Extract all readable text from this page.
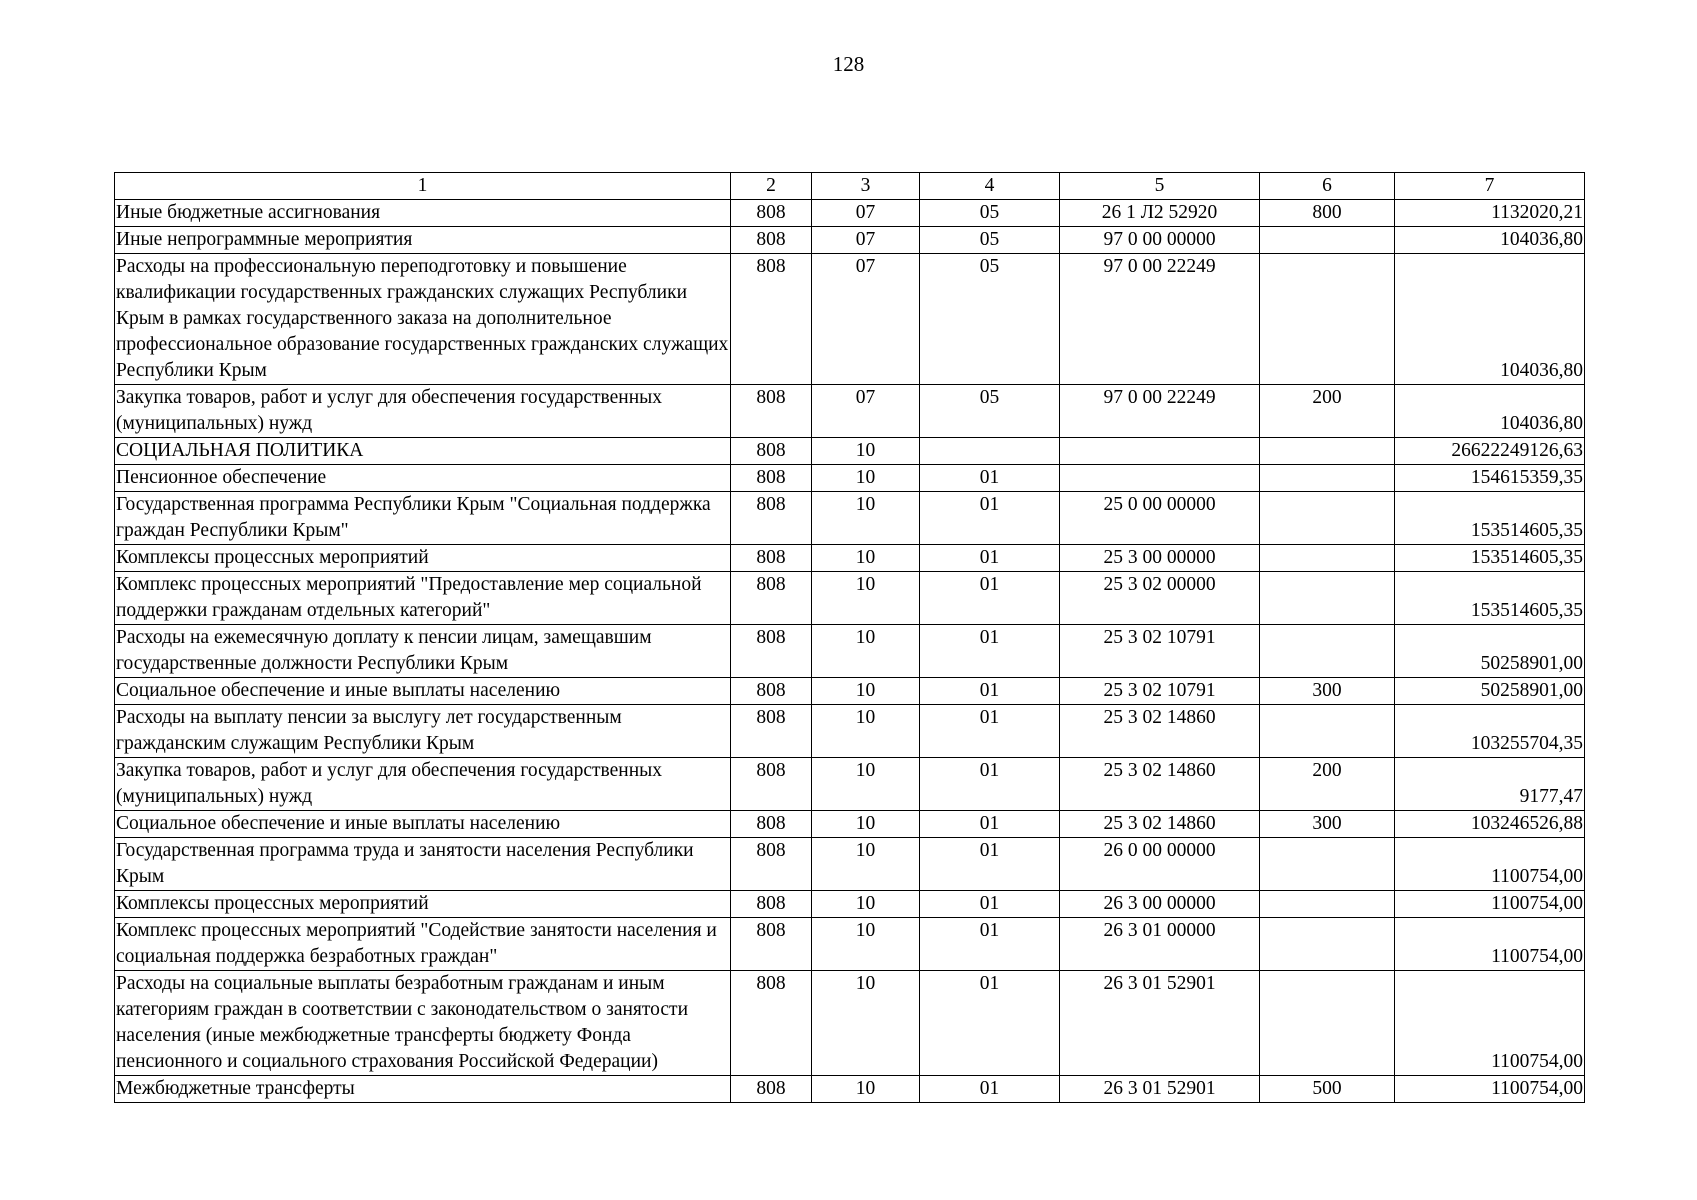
128
1	2	3	4	5	6	7
Иные бюджетные ассигнования	808	07	05	26 1 Л2 52920	800	1132020,21
Иные непрограммные мероприятия	808	07	05	97 0 00 00000		104036,80
Расходы на профессиональную переподготовку и повышение квалификации государственных гражданских служащих Республики Крым в рамках государственного заказа на дополнительное профессиональное образование государственных гражданских служащих Республики Крым	808	07	05	97 0 00 22249		104036,80
Закупка товаров, работ и услуг для обеспечения государственных (муниципальных) нужд	808	07	05	97 0 00 22249	200	104036,80
СОЦИАЛЬНАЯ ПОЛИТИКА	808	10				26622249126,63
Пенсионное обеспечение	808	10	01			154615359,35
Государственная программа Республики Крым "Социальная поддержка граждан Республики Крым"	808	10	01	25 0 00 00000		153514605,35
Комплексы процессных мероприятий	808	10	01	25 3 00 00000		153514605,35
Комплекс процессных мероприятий "Предоставление мер социальной поддержки гражданам отдельных категорий"	808	10	01	25 3 02 00000		153514605,35
Расходы на ежемесячную доплату к пенсии лицам, замещавшим государственные должности Республики Крым	808	10	01	25 3 02 10791		50258901,00
Социальное обеспечение и иные выплаты населению	808	10	01	25 3 02 10791	300	50258901,00
Расходы на выплату пенсии за выслугу лет государственным гражданским служащим Республики Крым	808	10	01	25 3 02 14860		103255704,35
Закупка товаров, работ и услуг для обеспечения государственных (муниципальных) нужд	808	10	01	25 3 02 14860	200	9177,47
Социальное обеспечение и иные выплаты населению	808	10	01	25 3 02 14860	300	103246526,88
Государственная программа труда и занятости населения Республики Крым	808	10	01	26 0 00 00000		1100754,00
Комплексы процессных мероприятий	808	10	01	26 3 00 00000		1100754,00
Комплекс процессных мероприятий "Содействие занятости населения и социальная поддержка безработных граждан"	808	10	01	26 3 01 00000		1100754,00
Расходы на социальные выплаты безработным гражданам и иным категориям граждан в соответствии с законодательством о занятости населения (иные межбюджетные трансферты бюджету Фонда пенсионного и социального страхования Российской Федерации)	808	10	01	26 3 01 52901		1100754,00
Межбюджетные трансферты	808	10	01	26 3 01 52901	500	1100754,00
